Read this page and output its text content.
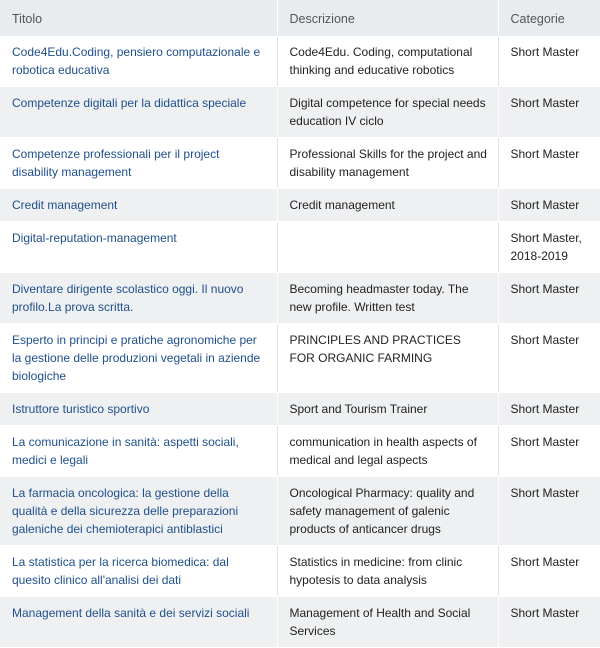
Titolo	Descrizione	Categorie
Code4Edu.Coding, pensiero computazionale e robotica educativa	Code4Edu. Coding, computational thinking and educative robotics	Short Master
Competenze digitali per la didattica speciale	Digital competence for special needs education IV ciclo	Short Master
Competenze professionali per il project disability management	Professional Skills for the project and disability management	Short Master
Credit management	Credit management	Short Master
Digital-reputation-management		Short Master, 2018-2019
Diventare dirigente scolastico oggi. Il nuovo profilo.La prova scritta.	Becoming headmaster today. The new profile. Written test	Short Master
Esperto in principi e pratiche agronomiche per la gestione delle produzioni vegetali in aziende biologiche	PRINCIPLES AND PRACTICES FOR ORGANIC FARMING	Short Master
Istruttore turistico sportivo	Sport and Tourism Trainer	Short Master
La comunicazione in sanità: aspetti sociali, medici e legali	communication in health aspects of medical and legal aspects	Short Master
La farmacia oncologica: la gestione della qualità e della sicurezza delle preparazioni galeniche dei chemioterapici antiblastici	Oncological Pharmacy: quality and safety management of galenic products of anticancer drugs	Short Master
La statistica per la ricerca biomedica: dal quesito clinico all'analisi dei dati	Statistics in medicine: from clinic hypotesis to data analysis	Short Master
Management della sanità e dei servizi sociali	Management of Health and Social Services	Short Master
